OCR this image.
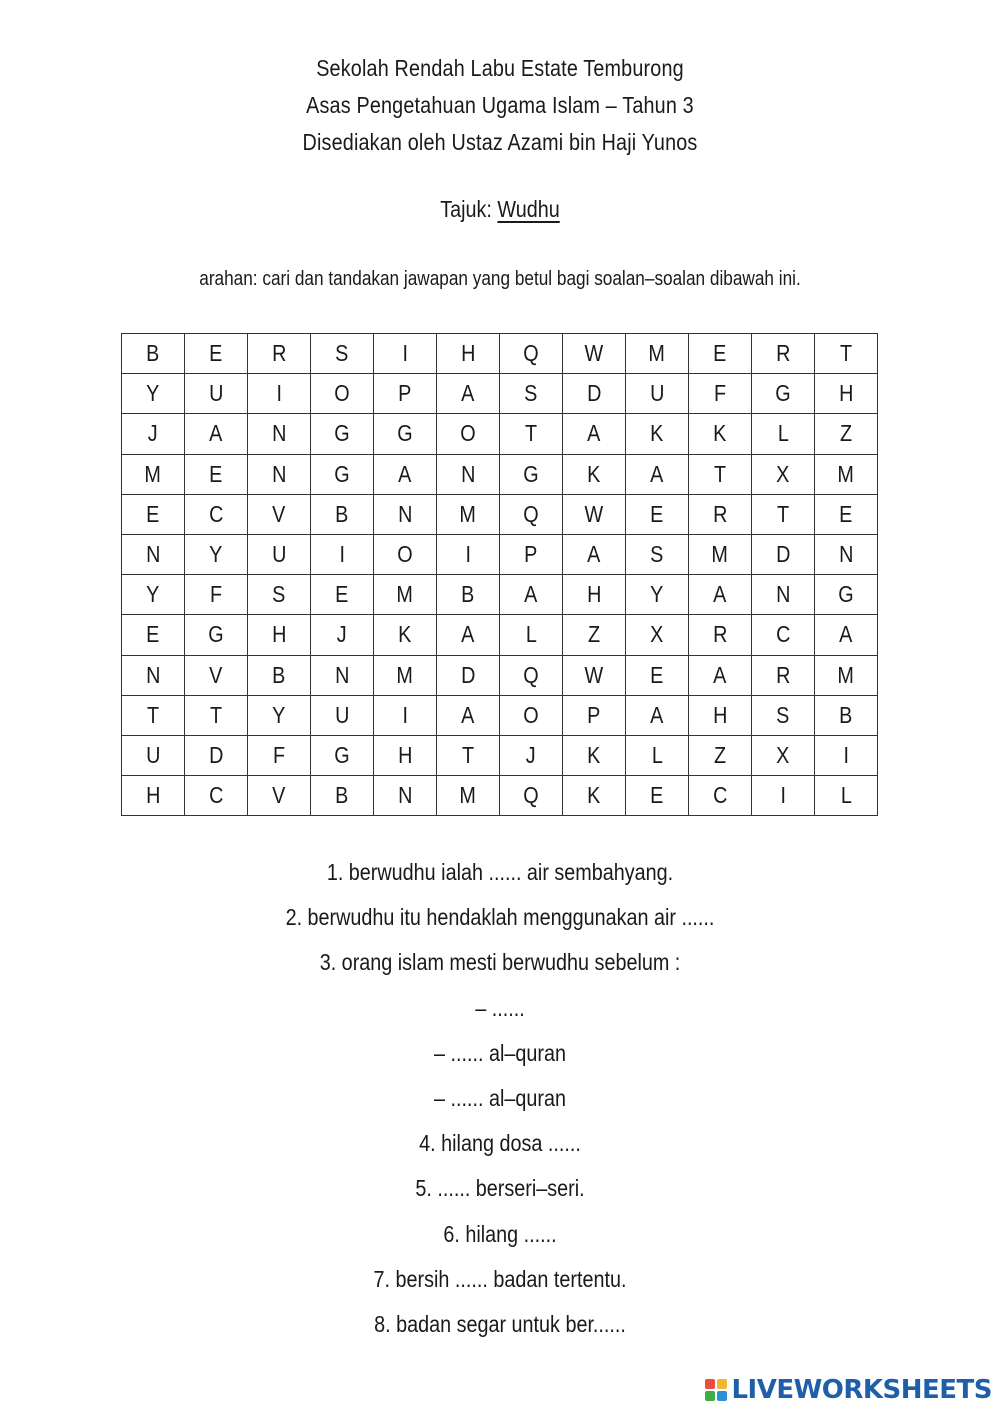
Sekolah Rendah Labu Estate Temburong
Asas Pengetahuan Ugama Islam – Tahun 3
Disediakan oleh Ustaz Azami bin Haji Yunos
Tajuk: Wudhu
arahan: cari dan tandakan jawapan yang betul bagi soalan–soalan dibawah ini.
B	E	R	S	I	H	Q	W	M	E	R	T
Y	U	I	O	P	A	S	D	U	F	G	H
J	A	N	G	G	O	T	A	K	K	L	Z
M	E	N	G	A	N	G	K	A	T	X	M
E	C	V	B	N	M	Q	W	E	R	T	E
N	Y	U	I	O	I	P	A	S	M	D	N
Y	F	S	E	M	B	A	H	Y	A	N	G
E	G	H	J	K	A	L	Z	X	R	C	A
N	V	B	N	M	D	Q	W	E	A	R	M
T	T	Y	U	I	A	O	P	A	H	S	B
U	D	F	G	H	T	J	K	L	Z	X	I
H	C	V	B	N	M	Q	K	E	C	I	L
1. berwudhu ialah ...... air sembahyang.
2. berwudhu itu hendaklah menggunakan air ......
3. orang islam mesti berwudhu sebelum :
– ......
– ...... al–quran
– ...... al–quran
4. hilang dosa ......
5. ...... berseri–seri.
6. hilang ......
7. bersih ...... badan tertentu.
8. badan segar untuk ber......
LIVEWORKSHEETS
